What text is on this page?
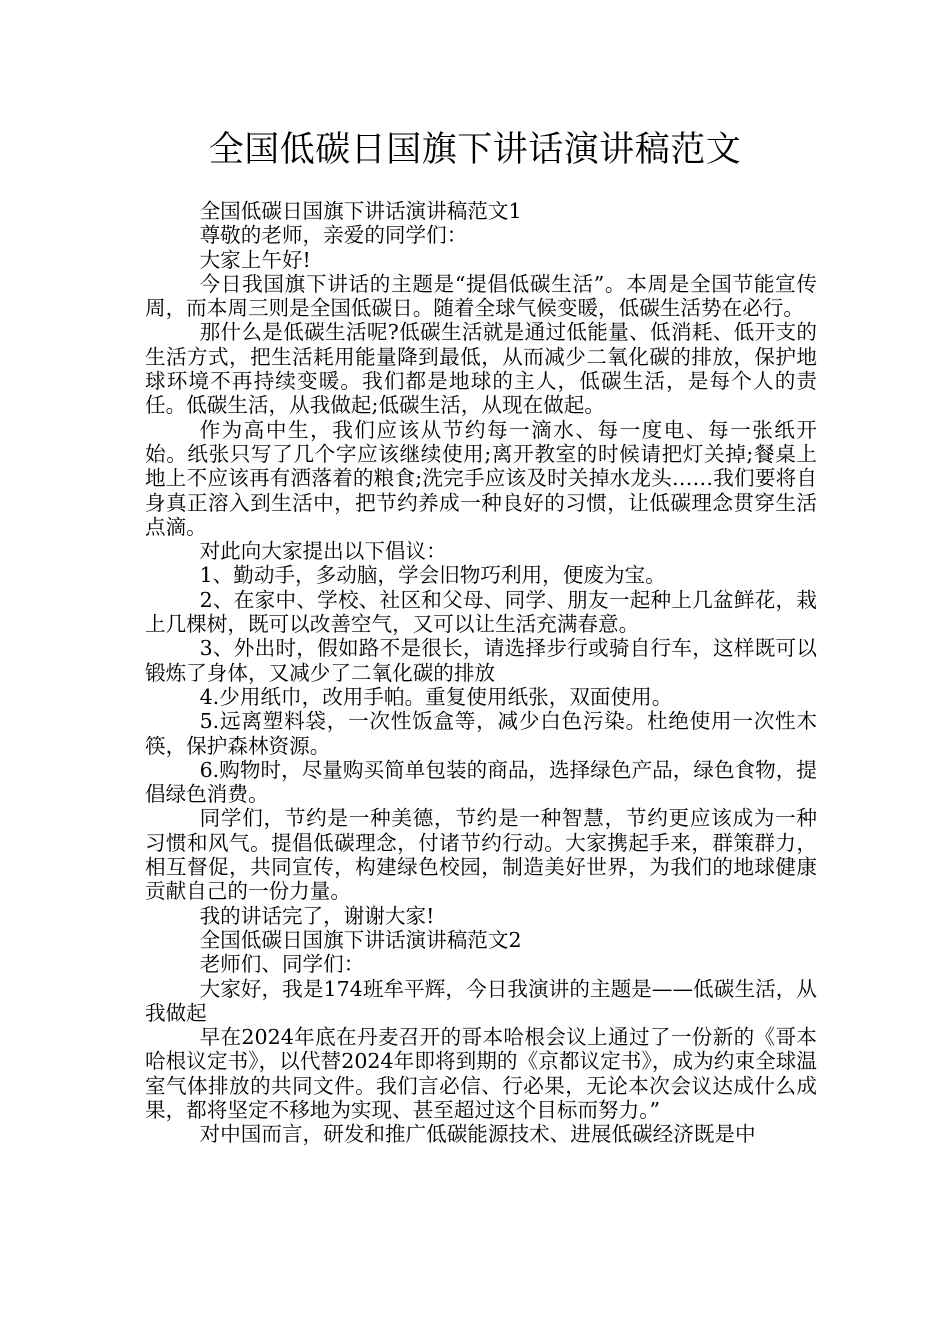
全国低碳日国旗下讲话演讲稿范文

全国低碳日国旗下讲话演讲稿范文1

尊敬的老师，亲爱的同学们：

大家上午好!

今日我国旗下讲话的主题是“提倡低碳生活”。本周是全国节能宣传周，而本周三则是全国低碳日。随着全球气候变暖，低碳生活势在必行。

那什么是低碳生活呢?低碳生活就是通过低能量、低消耗、低开支的生活方式，把生活耗用能量降到最低，从而减少二氧化碳的排放，保护地球环境不再持续变暖。我们都是地球的主人，低碳生活，是每个人的责任。低碳生活，从我做起;低碳生活，从现在做起。

作为高中生，我们应该从节约每一滴水、每一度电、每一张纸开始。纸张只写了几个字应该继续使用;离开教室的时候请把灯关掉;餐桌上地上不应该再有洒落着的粮食;洗完手应该及时关掉水龙头……我们要将自身真正溶入到生活中，把节约养成一种良好的习惯，让低碳理念贯穿生活点滴。

对此向大家提出以下倡议：

1、勤动手，多动脑，学会旧物巧利用，便废为宝。

2、在家中、学校、社区和父母、同学、朋友一起种上几盆鲜花，栽上几棵树，既可以改善空气，又可以让生活充满春意。

3、外出时，假如路不是很长，请选择步行或骑自行车，这样既可以锻炼了身体，又减少了二氧化碳的排放

4.少用纸巾，改用手帕。重复使用纸张，双面使用。

5.远离塑料袋，一次性饭盒等，减少白色污染。杜绝使用一次性木筷，保护森林资源。

6.购物时，尽量购买简单包装的商品，选择绿色产品，绿色食物，提倡绿色消费。

同学们，节约是一种美德，节约是一种智慧，节约更应该成为一种习惯和风气。提倡低碳理念，付诸节约行动。大家携起手来，群策群力，相互督促，共同宣传，构建绿色校园，制造美好世界，为我们的地球健康贡献自己的一份力量。

我的讲话完了，谢谢大家!

全国低碳日国旗下讲话演讲稿范文2

老师们、同学们：

大家好，我是174班牟平辉，今日我演讲的主题是——低碳生活，从我做起

早在2024年底在丹麦召开的哥本哈根会议上通过了一份新的《哥本哈根议定书》，以代替2024年即将到期的《京都议定书》，成为约束全球温室气体排放的共同文件。我们言必信、行必果，无论本次会议达成什么成果，都将坚定不移地为实现、甚至超过这个目标而努力。”

对中国而言，研发和推广低碳能源技术、进展低碳经济既是中
